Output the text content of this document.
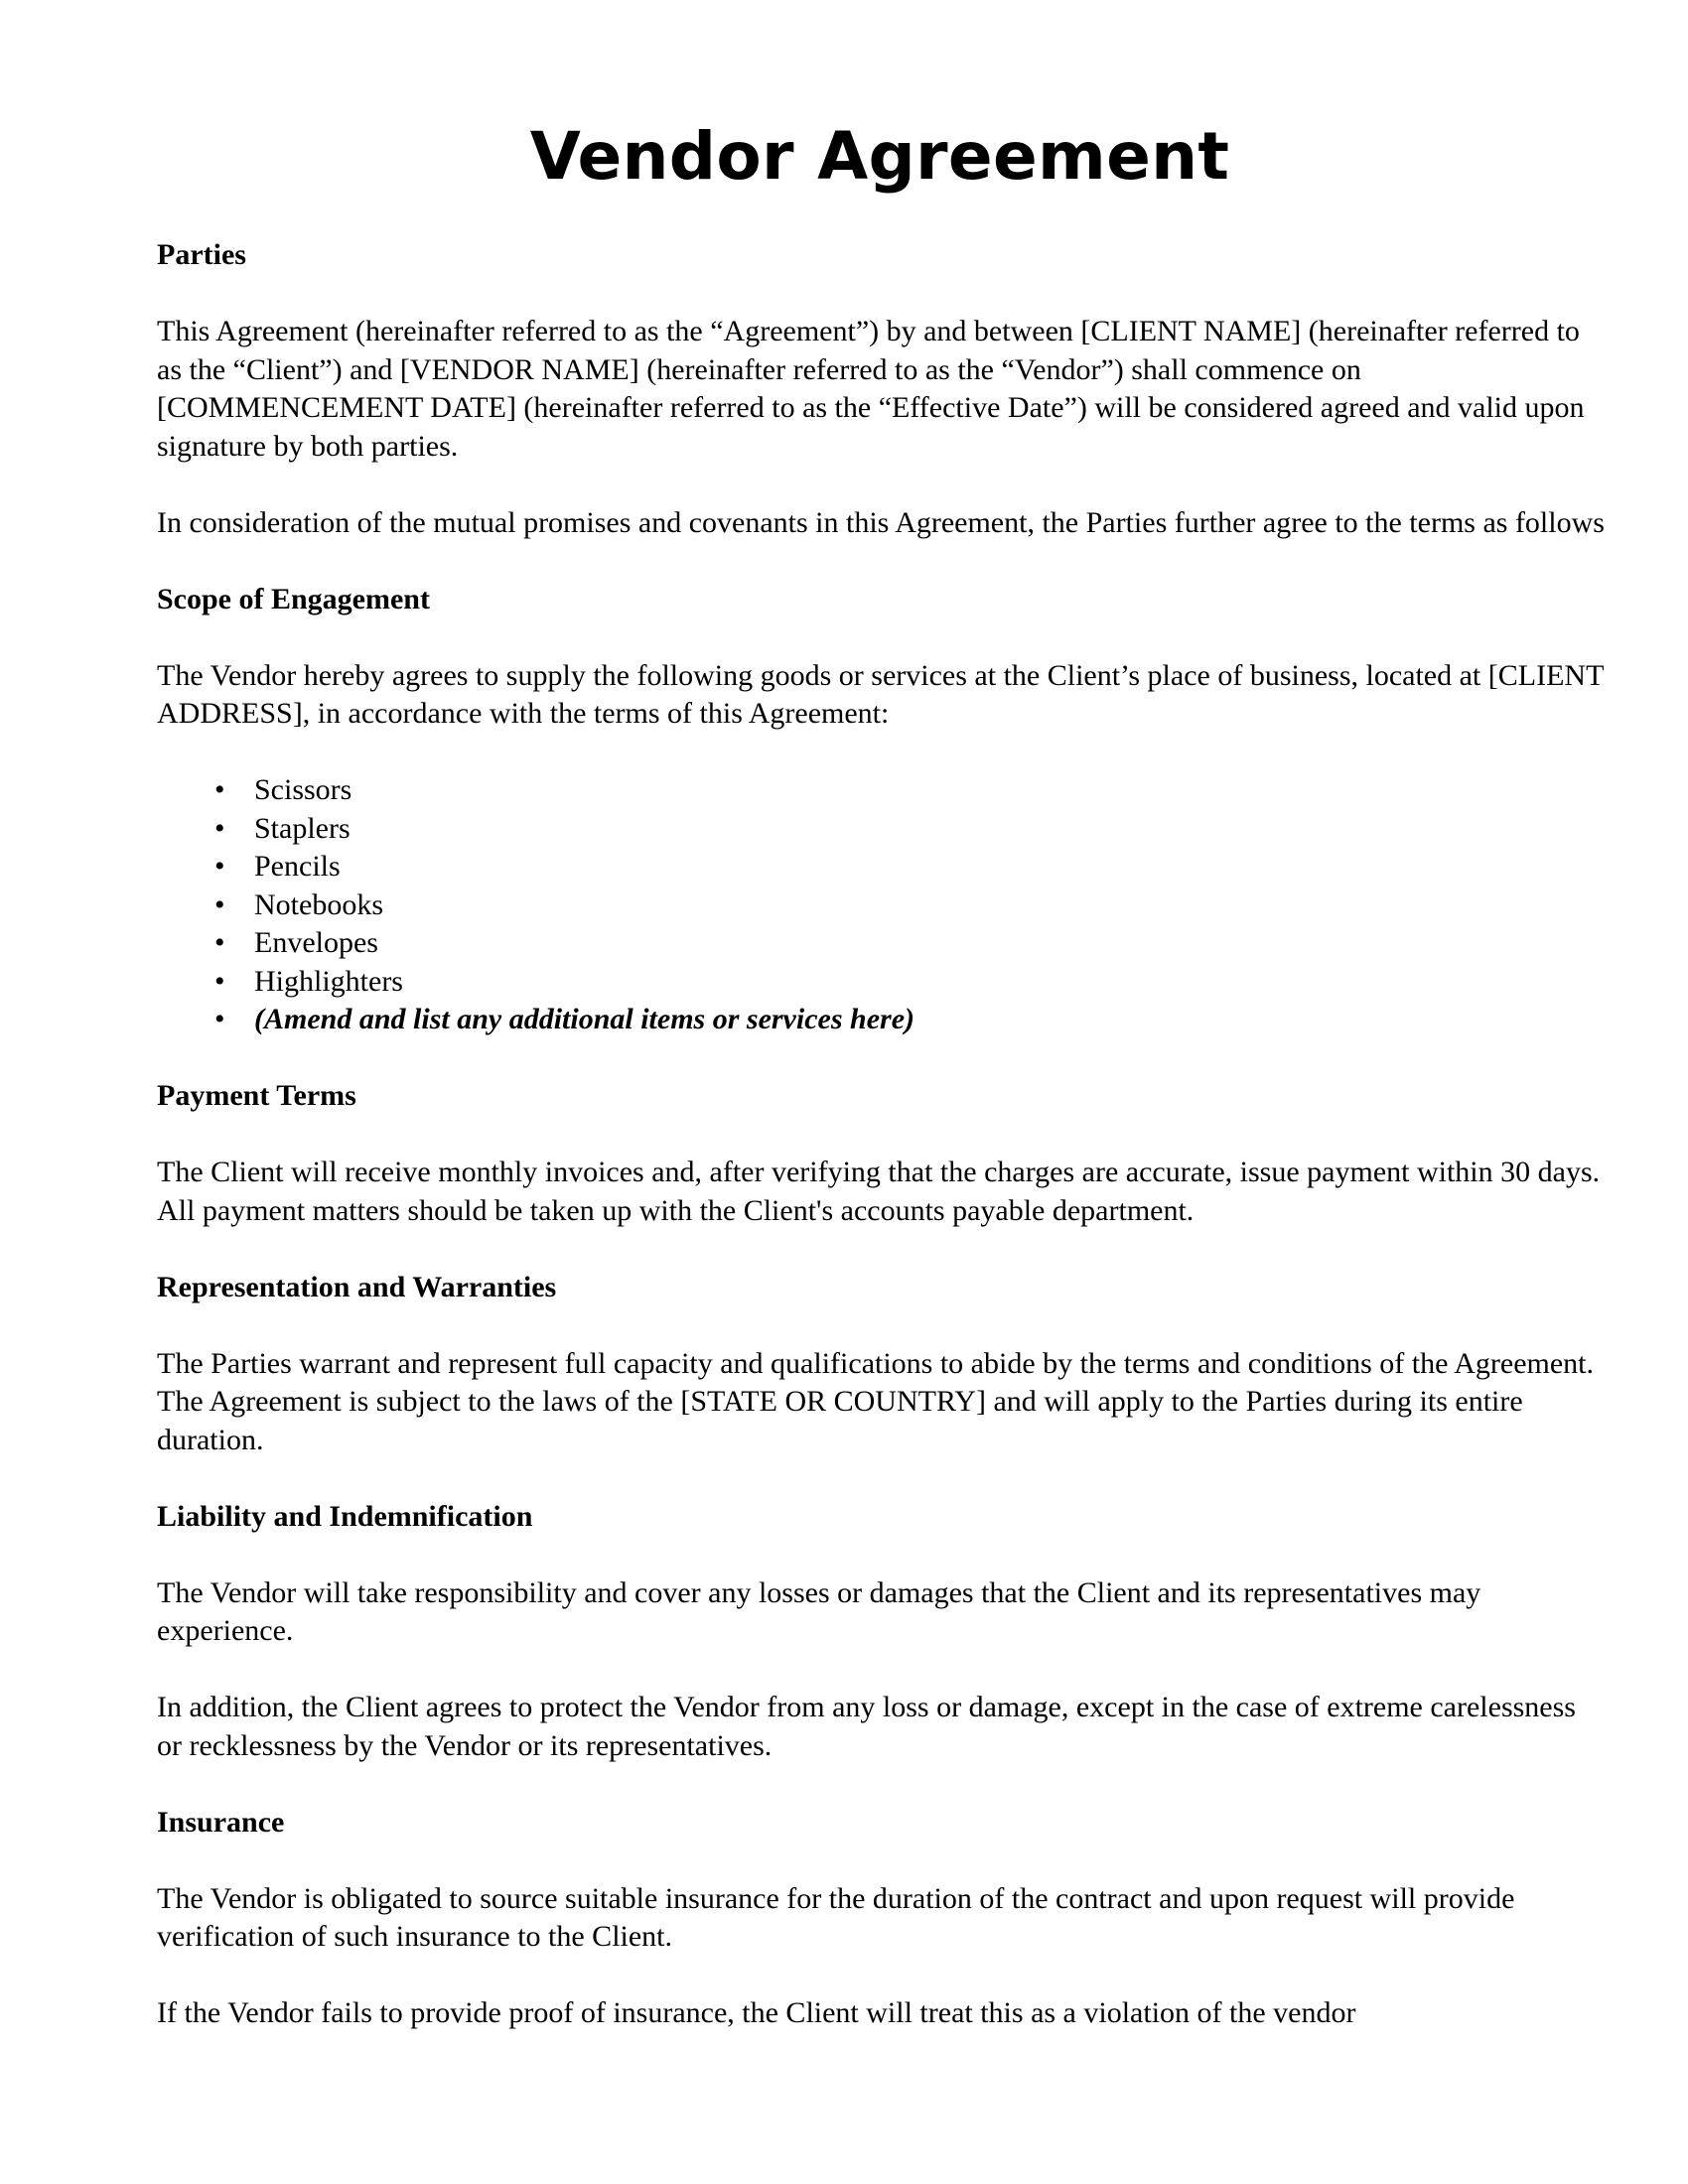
Vendor Agreement
Parties

This Agreement (hereinafter referred to as the “Agreement”) by and between [CLIENT NAME] (hereinafter referred to as the “Client”) and [VENDOR NAME] (hereinafter referred to as the “Vendor”) shall commence on [COMMENCEMENT DATE] (hereinafter referred to as the “Effective Date”) will be considered agreed and valid upon signature by both parties.

In consideration of the mutual promises and covenants in this Agreement, the Parties further agree to the terms as follows

Scope of Engagement

The Vendor hereby agrees to supply the following goods or services at the Client’s place of business, located at [CLIENT ADDRESS], in accordance with the terms of this Agreement:

• Scissors
• Staplers
• Pencils
• Notebooks
• Envelopes
• Highlighters
• (Amend and list any additional items or services here)
Payment Terms

The Client will receive monthly invoices and, after verifying that the charges are accurate, issue payment within 30 days. All payment matters should be taken up with the Client's accounts payable department.

Representation and Warranties

The Parties warrant and represent full capacity and qualifications to abide by the terms and conditions of the Agreement. The Agreement is subject to the laws of the [STATE OR COUNTRY] and will apply to the Parties during its entire duration.

Liability and Indemnification

The Vendor will take responsibility and cover any losses or damages that the Client and its representatives may experience.

In addition, the Client agrees to protect the Vendor from any loss or damage, except in the case of extreme carelessness or recklessness by the Vendor or its representatives.

Insurance

The Vendor is obligated to source suitable insurance for the duration of the contract and upon request will provide verification of such insurance to the Client.

If the Vendor fails to provide proof of insurance, the Client will treat this as a violation of the vendor
